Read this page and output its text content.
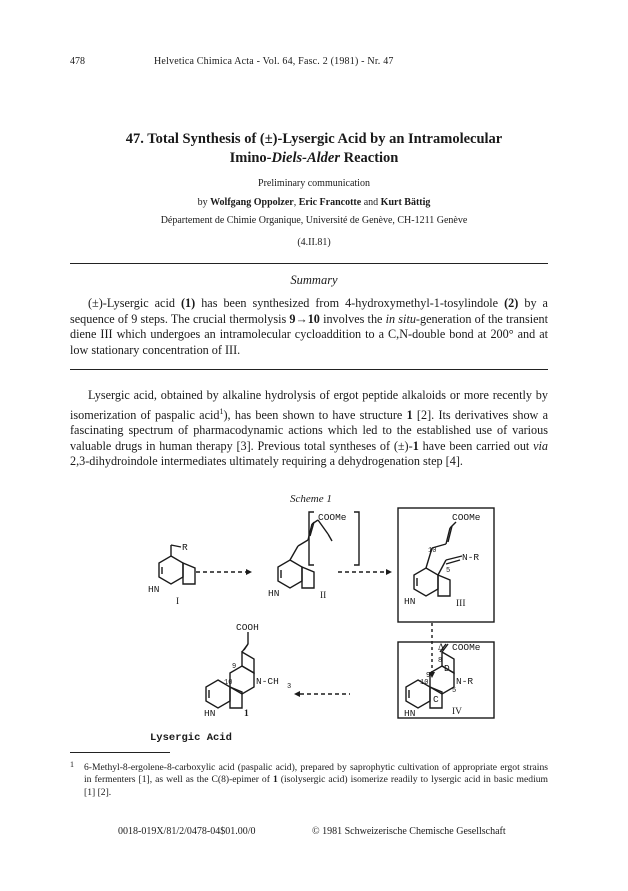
478	Helvetica Chimica Acta - Vol. 64, Fasc. 2 (1981) - Nr. 47
47. Total Synthesis of (±)-Lysergic Acid by an Intramolecular
Imino-Diels-Alder Reaction
Preliminary communication
by Wolfgang Oppolzer, Eric Francotte and Kurt Bättig
Département de Chimie Organique, Université de Genève, CH-1211 Genève
(4.II.81)
Summary

(±)-Lysergic acid (1) has been synthesized from 4-hydroxymethyl-1-tosylindole (2) by a sequence of 9 steps. The crucial thermolysis 9→10 involves the in situ-generation of the transient diene III which undergoes an intramolecular cycloaddition to a C,N-double bond at 200° and at low stationary concentration of III.

Lysergic acid, obtained by alkaline hydrolysis of ergot peptide alkaloids or more recently by isomerization of paspalic acid$^1$), has been shown to have structure 1 [2]. Its derivatives show a fascinating spectrum of pharmacodynamic actions which led to the established use of various valuable drugs in human therapy [3]. Previous total syntheses of (±)-1 have been carried out via 2,3-dihydroindole intermediates ultimately requiring a dehydrogenation step [4].

Scheme 1
R
HN
I
COOMe
HN	II
COOMe
N-R
10
5
HN	III
Δ COOMe
8
9
10
D
N-R
5
C
HN	IV
COOH
9
10 N-CH 3
HN	1
Lysergic Acid
1 6-Methyl-8-ergolene-8-carboxylic acid (paspalic acid), prepared by saprophytic cultivation of appropriate ergot strains in fermenters [1], as well as the C(8)-epimer of 1 (isolysergic acid) isomerize readily to lysergic acid in basic medium [1] [2].
0018-019X/81/2/0478-04$01.00/0	© 1981 Schweizerische Chemische Gesellschaft
